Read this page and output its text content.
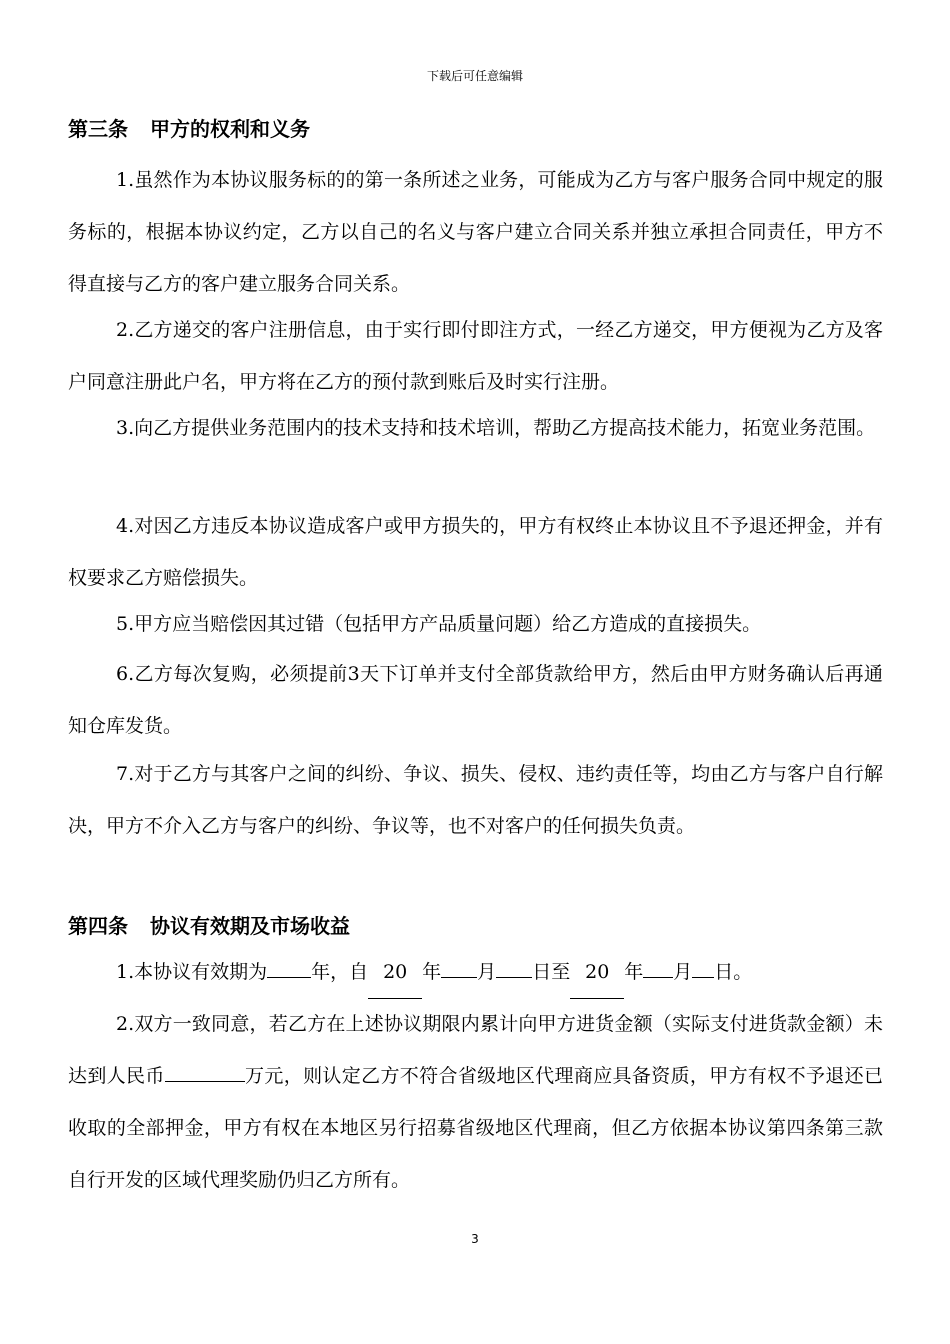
下载后可任意编辑
第三条 甲方的权利和义务
1.虽然作为本协议服务标的的第一条所述之业务，可能成为乙方与客户服务合同中规定的服务标的，根据本协议约定，乙方以自己的名义与客户建立合同关系并独立承担合同责任，甲方不得直接与乙方的客户建立服务合同关系。
2.乙方递交的客户注册信息，由于实行即付即注方式，一经乙方递交，甲方便视为乙方及客户同意注册此户名，甲方将在乙方的预付款到账后及时实行注册。
3.向乙方提供业务范围内的技术支持和技术培训，帮助乙方提高技术能力，拓宽业务范围。
4.对因乙方违反本协议造成客户或甲方损失的，甲方有权终止本协议且不予退还押金，并有权要求乙方赔偿损失。
5.甲方应当赔偿因其过错（包括甲方产品质量问题）给乙方造成的直接损失。
6.乙方每次复购，必须提前3天下订单并支付全部货款给甲方，然后由甲方财务确认后再通知仓库发货。
7.对于乙方与其客户之间的纠纷、争议、损失、侵权、违约责任等，均由乙方与客户自行解决，甲方不介入乙方与客户的纠纷、争议等，也不对客户的任何损失负责。
第四条 协议有效期及市场收益
1.本协议有效期为 年，自 20 年 月 日至 20 年 月 日。
2.双方一致同意，若乙方在上述协议期限内累计向甲方进货金额（实际支付进货款金额）未达到人民币	万元，则认定乙方不符合省级地区代理商应具备资质，甲方有权不予退还已收取的全部押金，甲方有权在本地区另行招募省级地区代理商，但乙方依据本协议第四条第三款自行开发的区域代理奖励仍归乙方所有。
3
